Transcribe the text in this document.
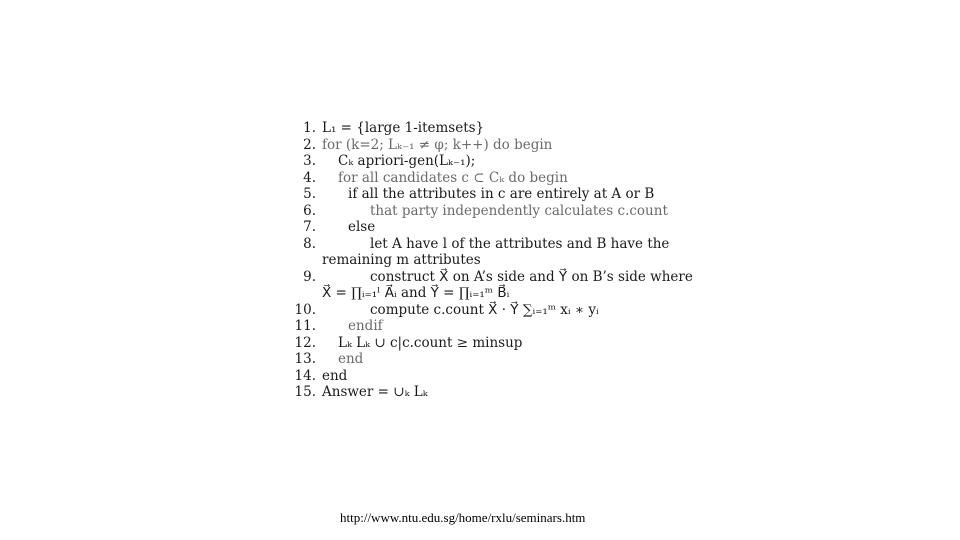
1. L₁ = {large 1-itemsets}
2. for (k=2; Lₖ₋₁ ≠ φ; k++) do begin
3. Cₖ apriori-gen(Lₖ₋₁);
4. for all candidates c ⊂ Cₖ do begin
5. if all the attributes in c are entirely at A or B
6.	that party independently calculates c.count
7. else
8.	let A have l of the attributes and B have the
remaining m attributes
9.	construct X⃗ on A’s side and Y⃗ on B’s side where
X⃗ = ∏ᵢ₌₁ˡ A⃗ᵢ and Y⃗ = ∏ᵢ₌₁ᵐ B⃗ᵢ
10.	compute c.count X⃗ · Y⃗ ∑ᵢ₌₁ᵐ xᵢ ∗ yᵢ
11. endif
12. Lₖ Lₖ ∪ c|c.count ≥ minsup
13. end
14. end
15. Answer = ∪ₖ Lₖ
http://www.ntu.edu.sg/home/rxlu/seminars.htm
